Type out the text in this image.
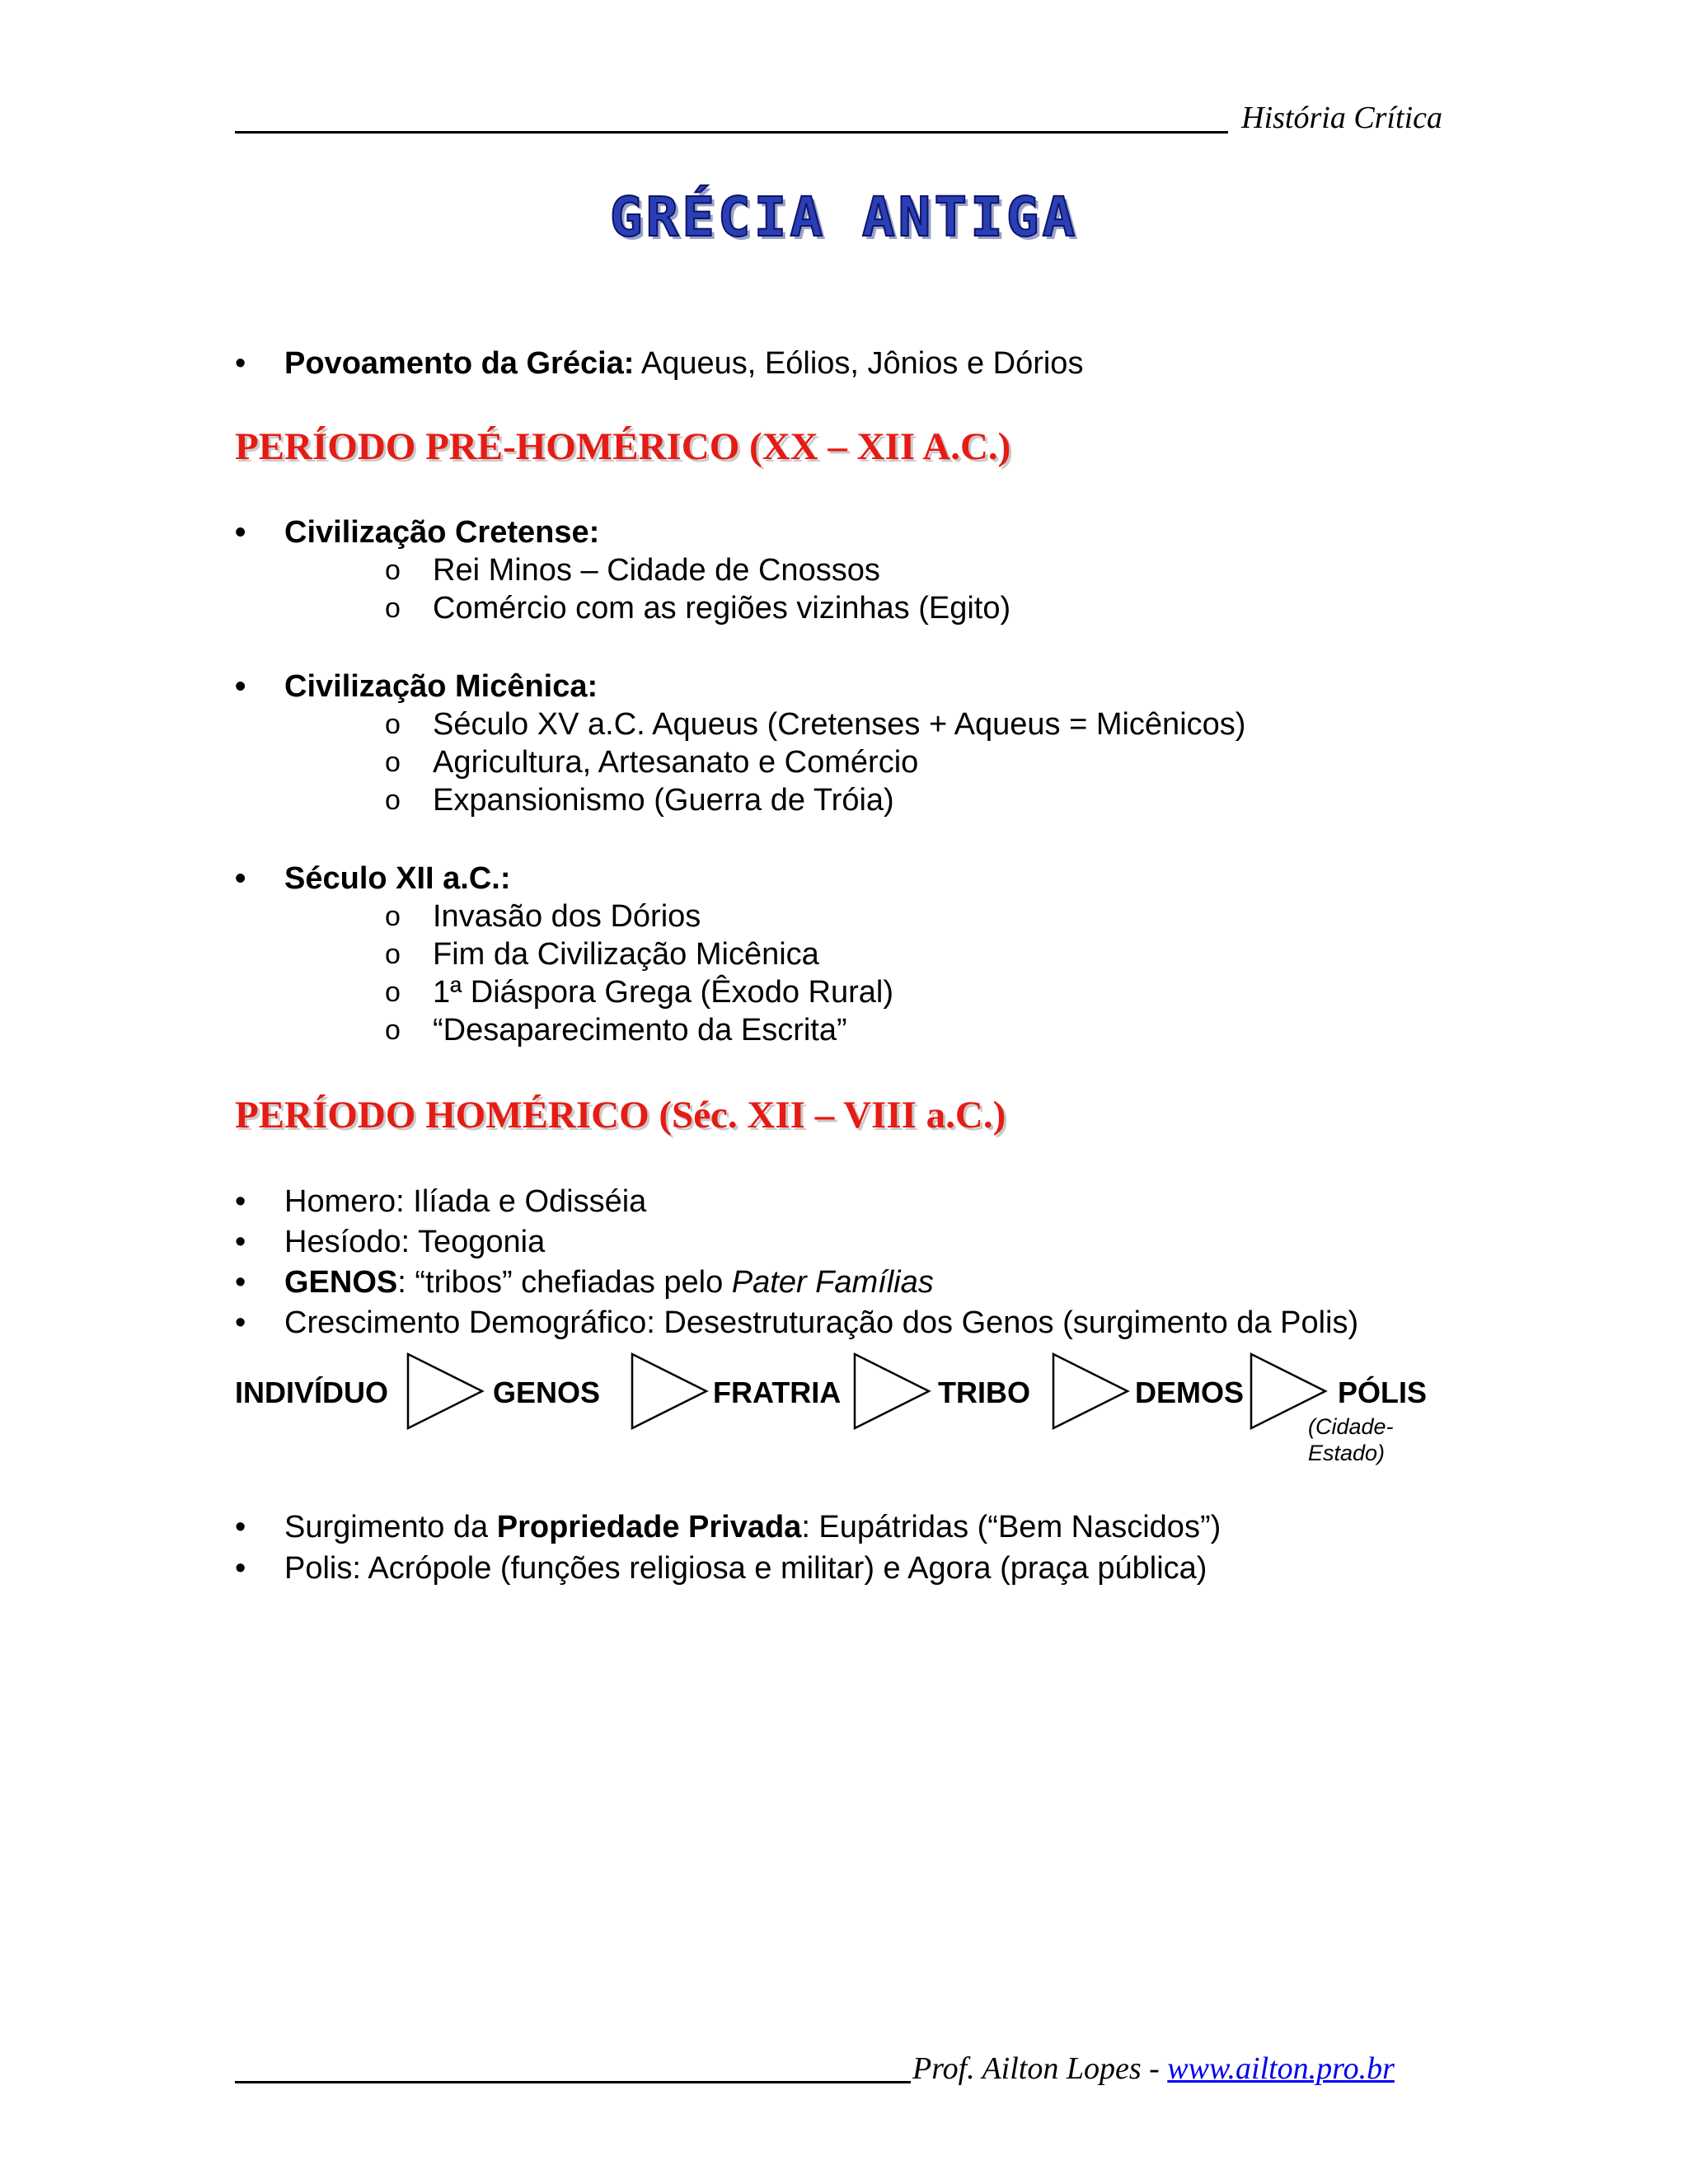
História Crítica
GRÉCIA ANTIGA
• Povoamento da Grécia: Aqueus, Eólios, Jônios e Dórios
PERÍODO PRÉ-HOMÉRICO (XX – XII A.C.)
• Civilização Cretense:
o Rei Minos – Cidade de Cnossos
o Comércio com as regiões vizinhas (Egito)
• Civilização Micênica:
o Século XV a.C. Aqueus (Cretenses + Aqueus = Micênicos)
o Agricultura, Artesanato e Comércio
o Expansionismo (Guerra de Tróia)
• Século XII a.C.:
o Invasão dos Dórios
o Fim da Civilização Micênica
o 1ª Diáspora Grega (Êxodo Rural)
o “Desaparecimento da Escrita”
PERÍODO HOMÉRICO (Séc. XII – VIII a.C.)
• Homero: Ilíada e Odisséia
• Hesíodo: Teogonia
• GENOS: “tribos” chefiadas pelo Pater Famílias
• Crescimento Demográfico: Desestruturação dos Genos (surgimento da Polis)
INDIVÍDUO	GENOS	FRATRIA	TRIBO	DEMOS	PÓLIS
(Cidade-
Estado)
• Surgimento da Propriedade Privada: Eupátridas (“Bem Nascidos”)
• Polis: Acrópole (funções religiosa e militar) e Agora (praça pública)
Prof. Ailton Lopes - www.ailton.pro.br
